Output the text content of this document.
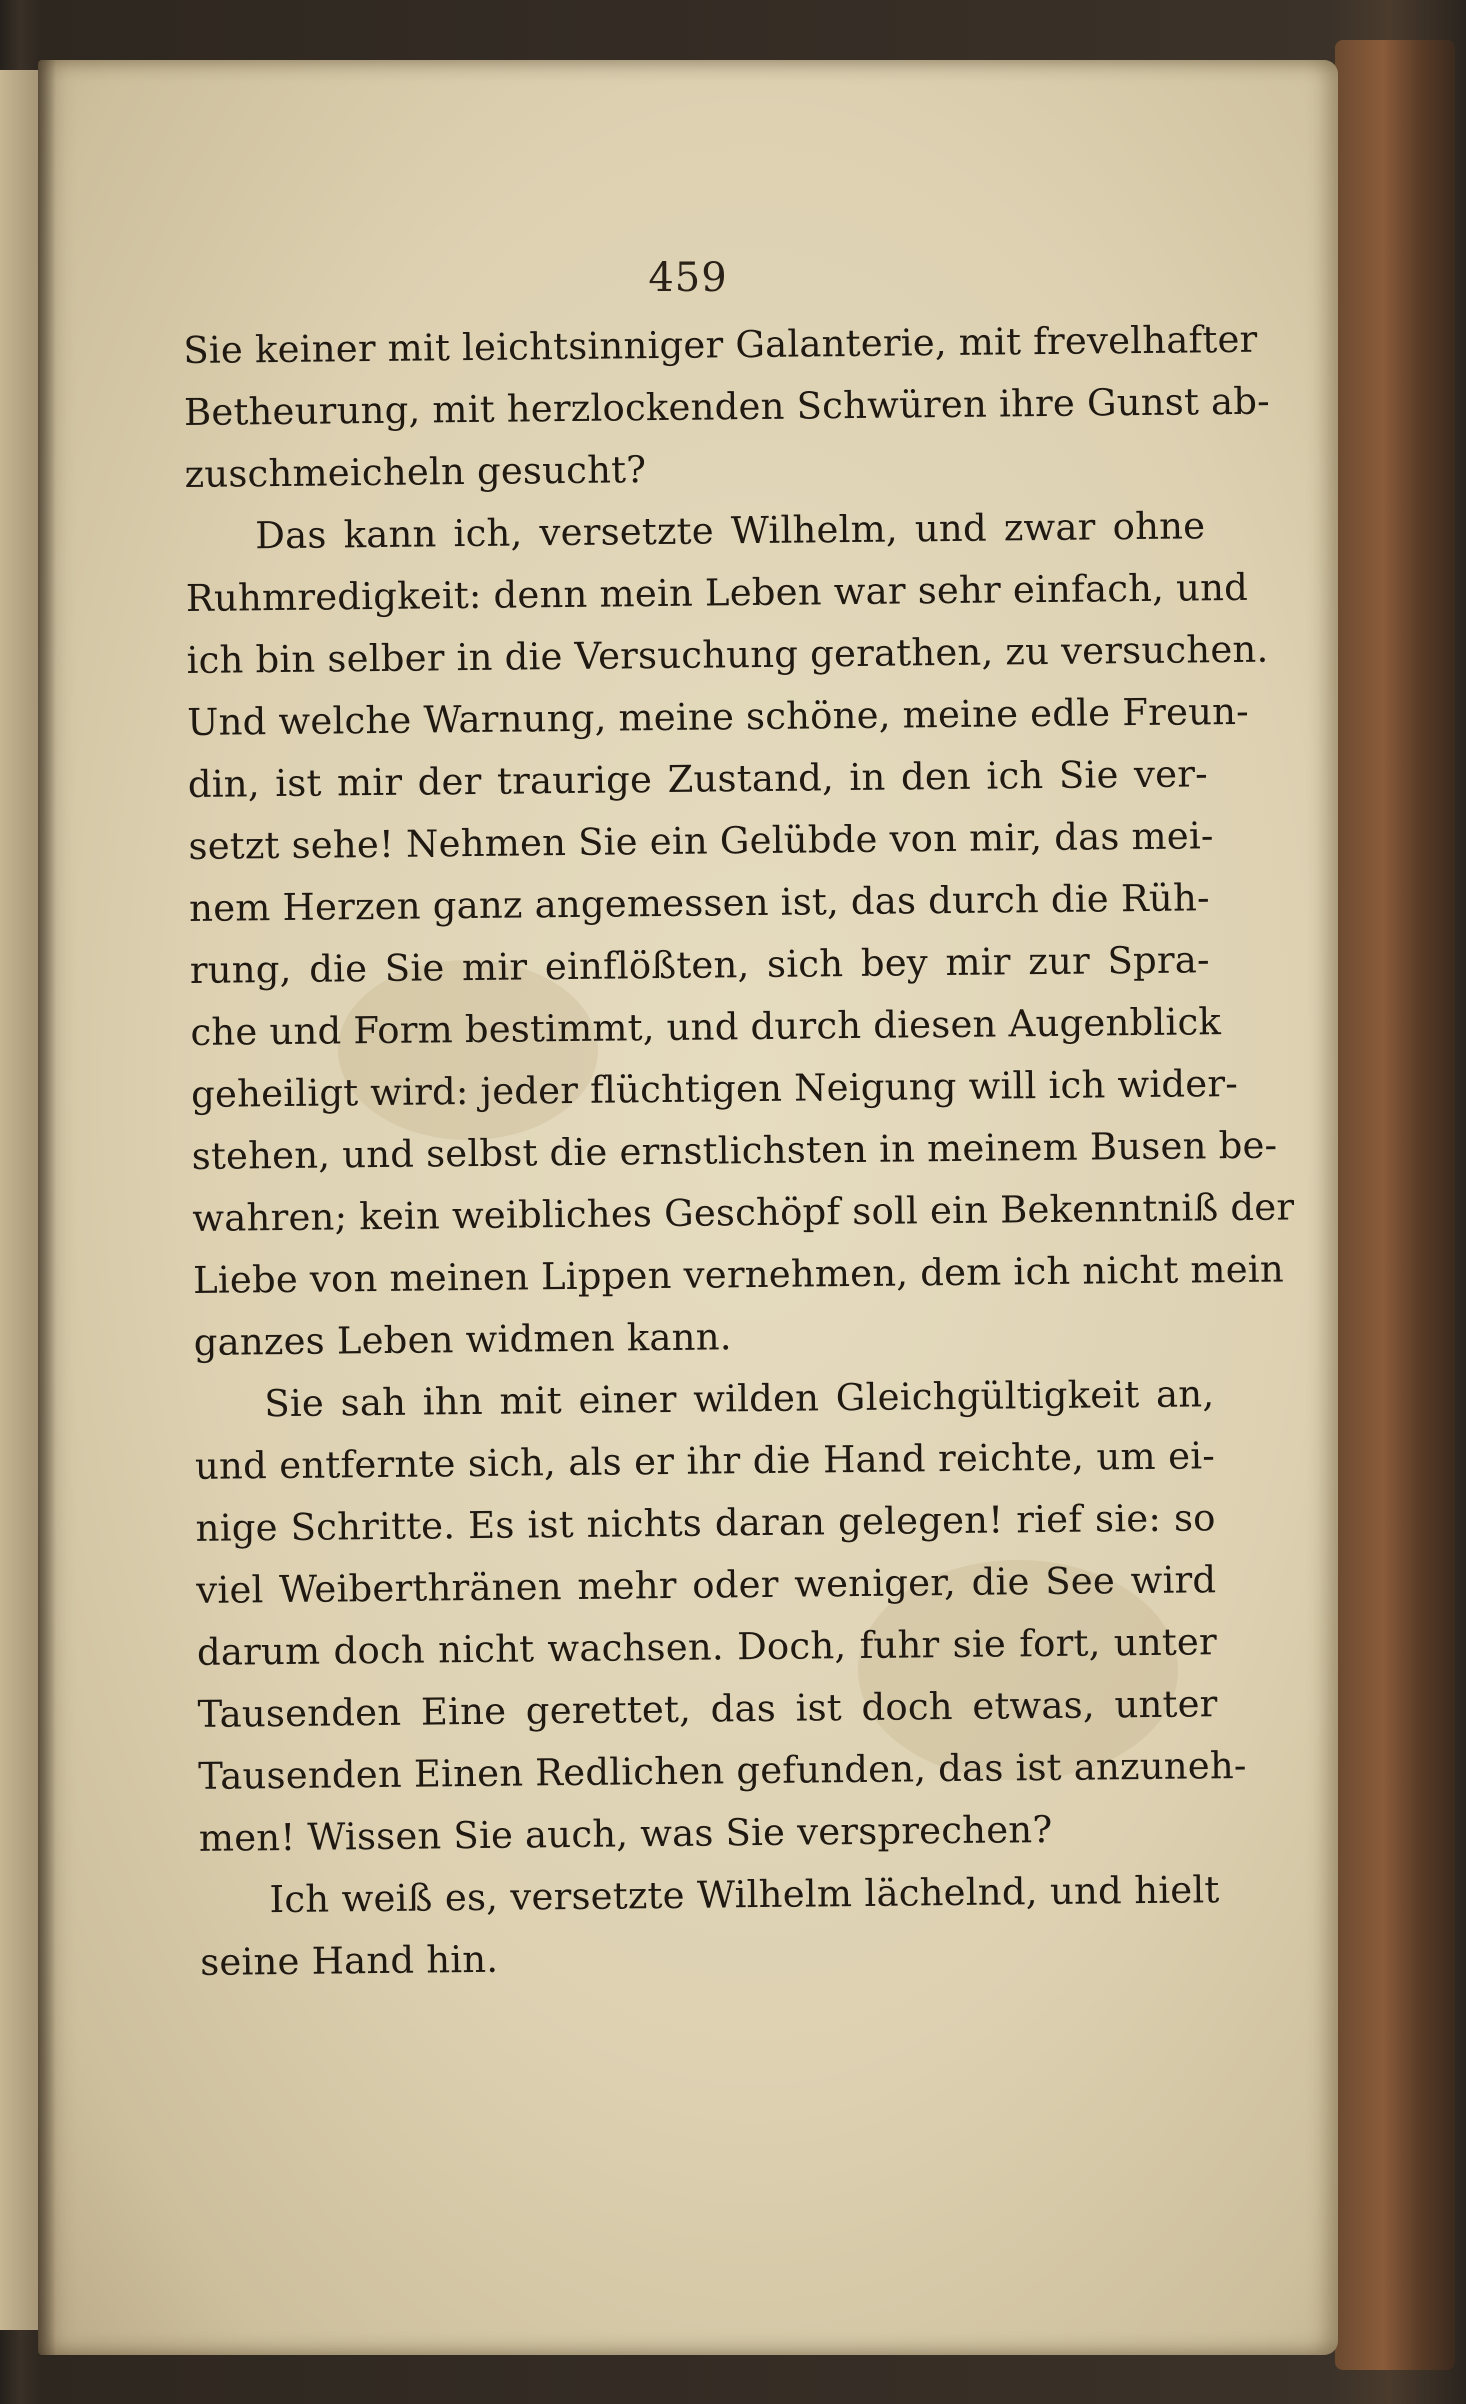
459
Sie keiner mit leichtsinniger Galanterie, mit frevelhafter
Betheurung, mit herzlockenden Schwüren ihre Gunst ab-
zuschmeicheln gesucht?
Das kann ich, versetzte Wilhelm, und zwar ohne
Ruhmredigkeit: denn mein Leben war sehr einfach, und
ich bin selber in die Versuchung gerathen, zu versuchen.
Und welche Warnung, meine schöne, meine edle Freun-
din, ist mir der traurige Zustand, in den ich Sie ver-
setzt sehe! Nehmen Sie ein Gelübde von mir, das mei-
nem Herzen ganz angemessen ist, das durch die Rüh-
rung, die Sie mir einflößten, sich bey mir zur Spra-
che und Form bestimmt, und durch diesen Augenblick
geheiligt wird: jeder flüchtigen Neigung will ich wider-
stehen, und selbst die ernstlichsten in meinem Busen be-
wahren; kein weibliches Geschöpf soll ein Bekenntniß der
Liebe von meinen Lippen vernehmen, dem ich nicht mein
ganzes Leben widmen kann.
Sie sah ihn mit einer wilden Gleichgültigkeit an,
und entfernte sich, als er ihr die Hand reichte, um ei-
nige Schritte. Es ist nichts daran gelegen! rief sie: so
viel Weiberthränen mehr oder weniger, die See wird
darum doch nicht wachsen. Doch, fuhr sie fort, unter
Tausenden Eine gerettet, das ist doch etwas, unter
Tausenden Einen Redlichen gefunden, das ist anzuneh-
men! Wissen Sie auch, was Sie versprechen?
Ich weiß es, versetzte Wilhelm lächelnd, und hielt
seine Hand hin.
